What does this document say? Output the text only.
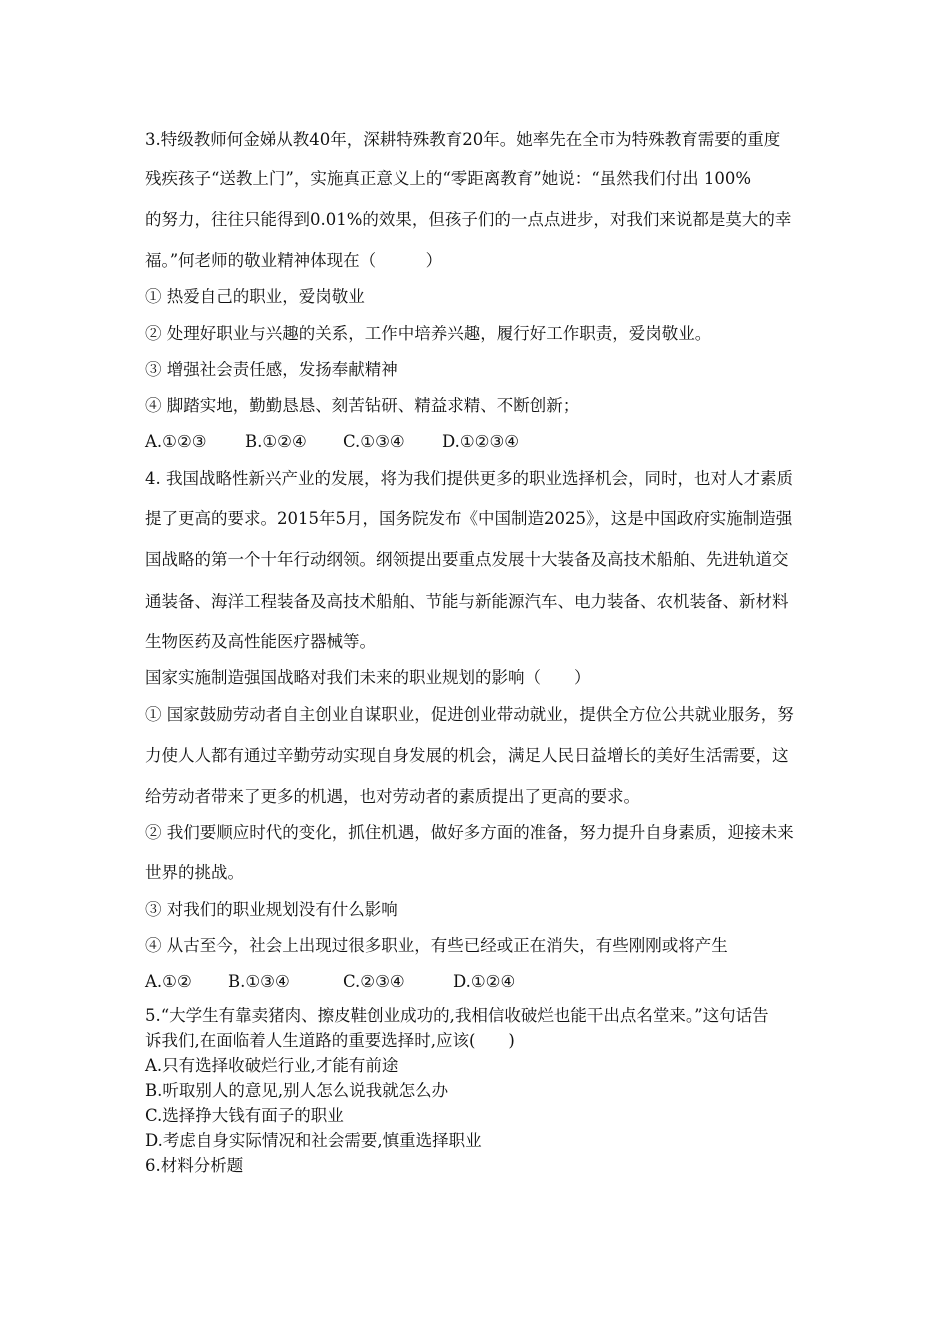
3.特级教师何金娣从教40年，深耕特殊教育20年。她率先在全市为特殊教育需要的重度
残疾孩子“送教上门”，实施真正意义上的“零距离教育”她说：“虽然我们付出 100%
的努力，往往只能得到0.01%的效果，但孩子们的一点点进步，对我们来说都是莫大的幸
福。”何老师的敬业精神体现在（　　　）
① 热爱自己的职业，爱岗敬业
② 处理好职业与兴趣的关系，工作中培养兴趣，履行好工作职责，爱岗敬业。
③ 增强社会责任感，发扬奉献精神
④ 脚踏实地，勤勤恳恳、刻苦钻研、精益求精、不断创新；
A.①②③ B.①②④ C.①③④ D.①②③④
4. 我国战略性新兴产业的发展，将为我们提供更多的职业选择机会，同时，也对人才素质
提了更高的要求。2015年5月，国务院发布《中国制造2025》，这是中国政府实施制造强
国战略的第一个十年行动纲领。纲领提出要重点发展十大装备及高技术船舶、先进轨道交
通装备、海洋工程装备及高技术船舶、节能与新能源汽车、电力装备、农机装备、新材料
生物医药及高性能医疗器械等。
国家实施制造强国战略对我们未来的职业规划的影响（　　）
① 国家鼓励劳动者自主创业自谋职业，促进创业带动就业，提供全方位公共就业服务，努
力使人人都有通过辛勤劳动实现自身发展的机会，满足人民日益增长的美好生活需要，这
给劳动者带来了更多的机遇，也对劳动者的素质提出了更高的要求。
② 我们要顺应时代的变化，抓住机遇，做好多方面的准备，努力提升自身素质，迎接未来
世界的挑战。
③ 对我们的职业规划没有什么影响
④ 从古至今，社会上出现过很多职业，有些已经或正在消失，有些刚刚或将产生
A.①② B.①③④	C.②③④	D.①②④
5.“大学生有靠卖猪肉、擦皮鞋创业成功的,我相信收破烂也能干出点名堂来。”这句话告
诉我们,在面临着人生道路的重要选择时,应该(　　)
A.只有选择收破烂行业,才能有前途
B.听取别人的意见,别人怎么说我就怎么办
C.选择挣大钱有面子的职业
D.考虑自身实际情况和社会需要,慎重选择职业
6.材料分析题
